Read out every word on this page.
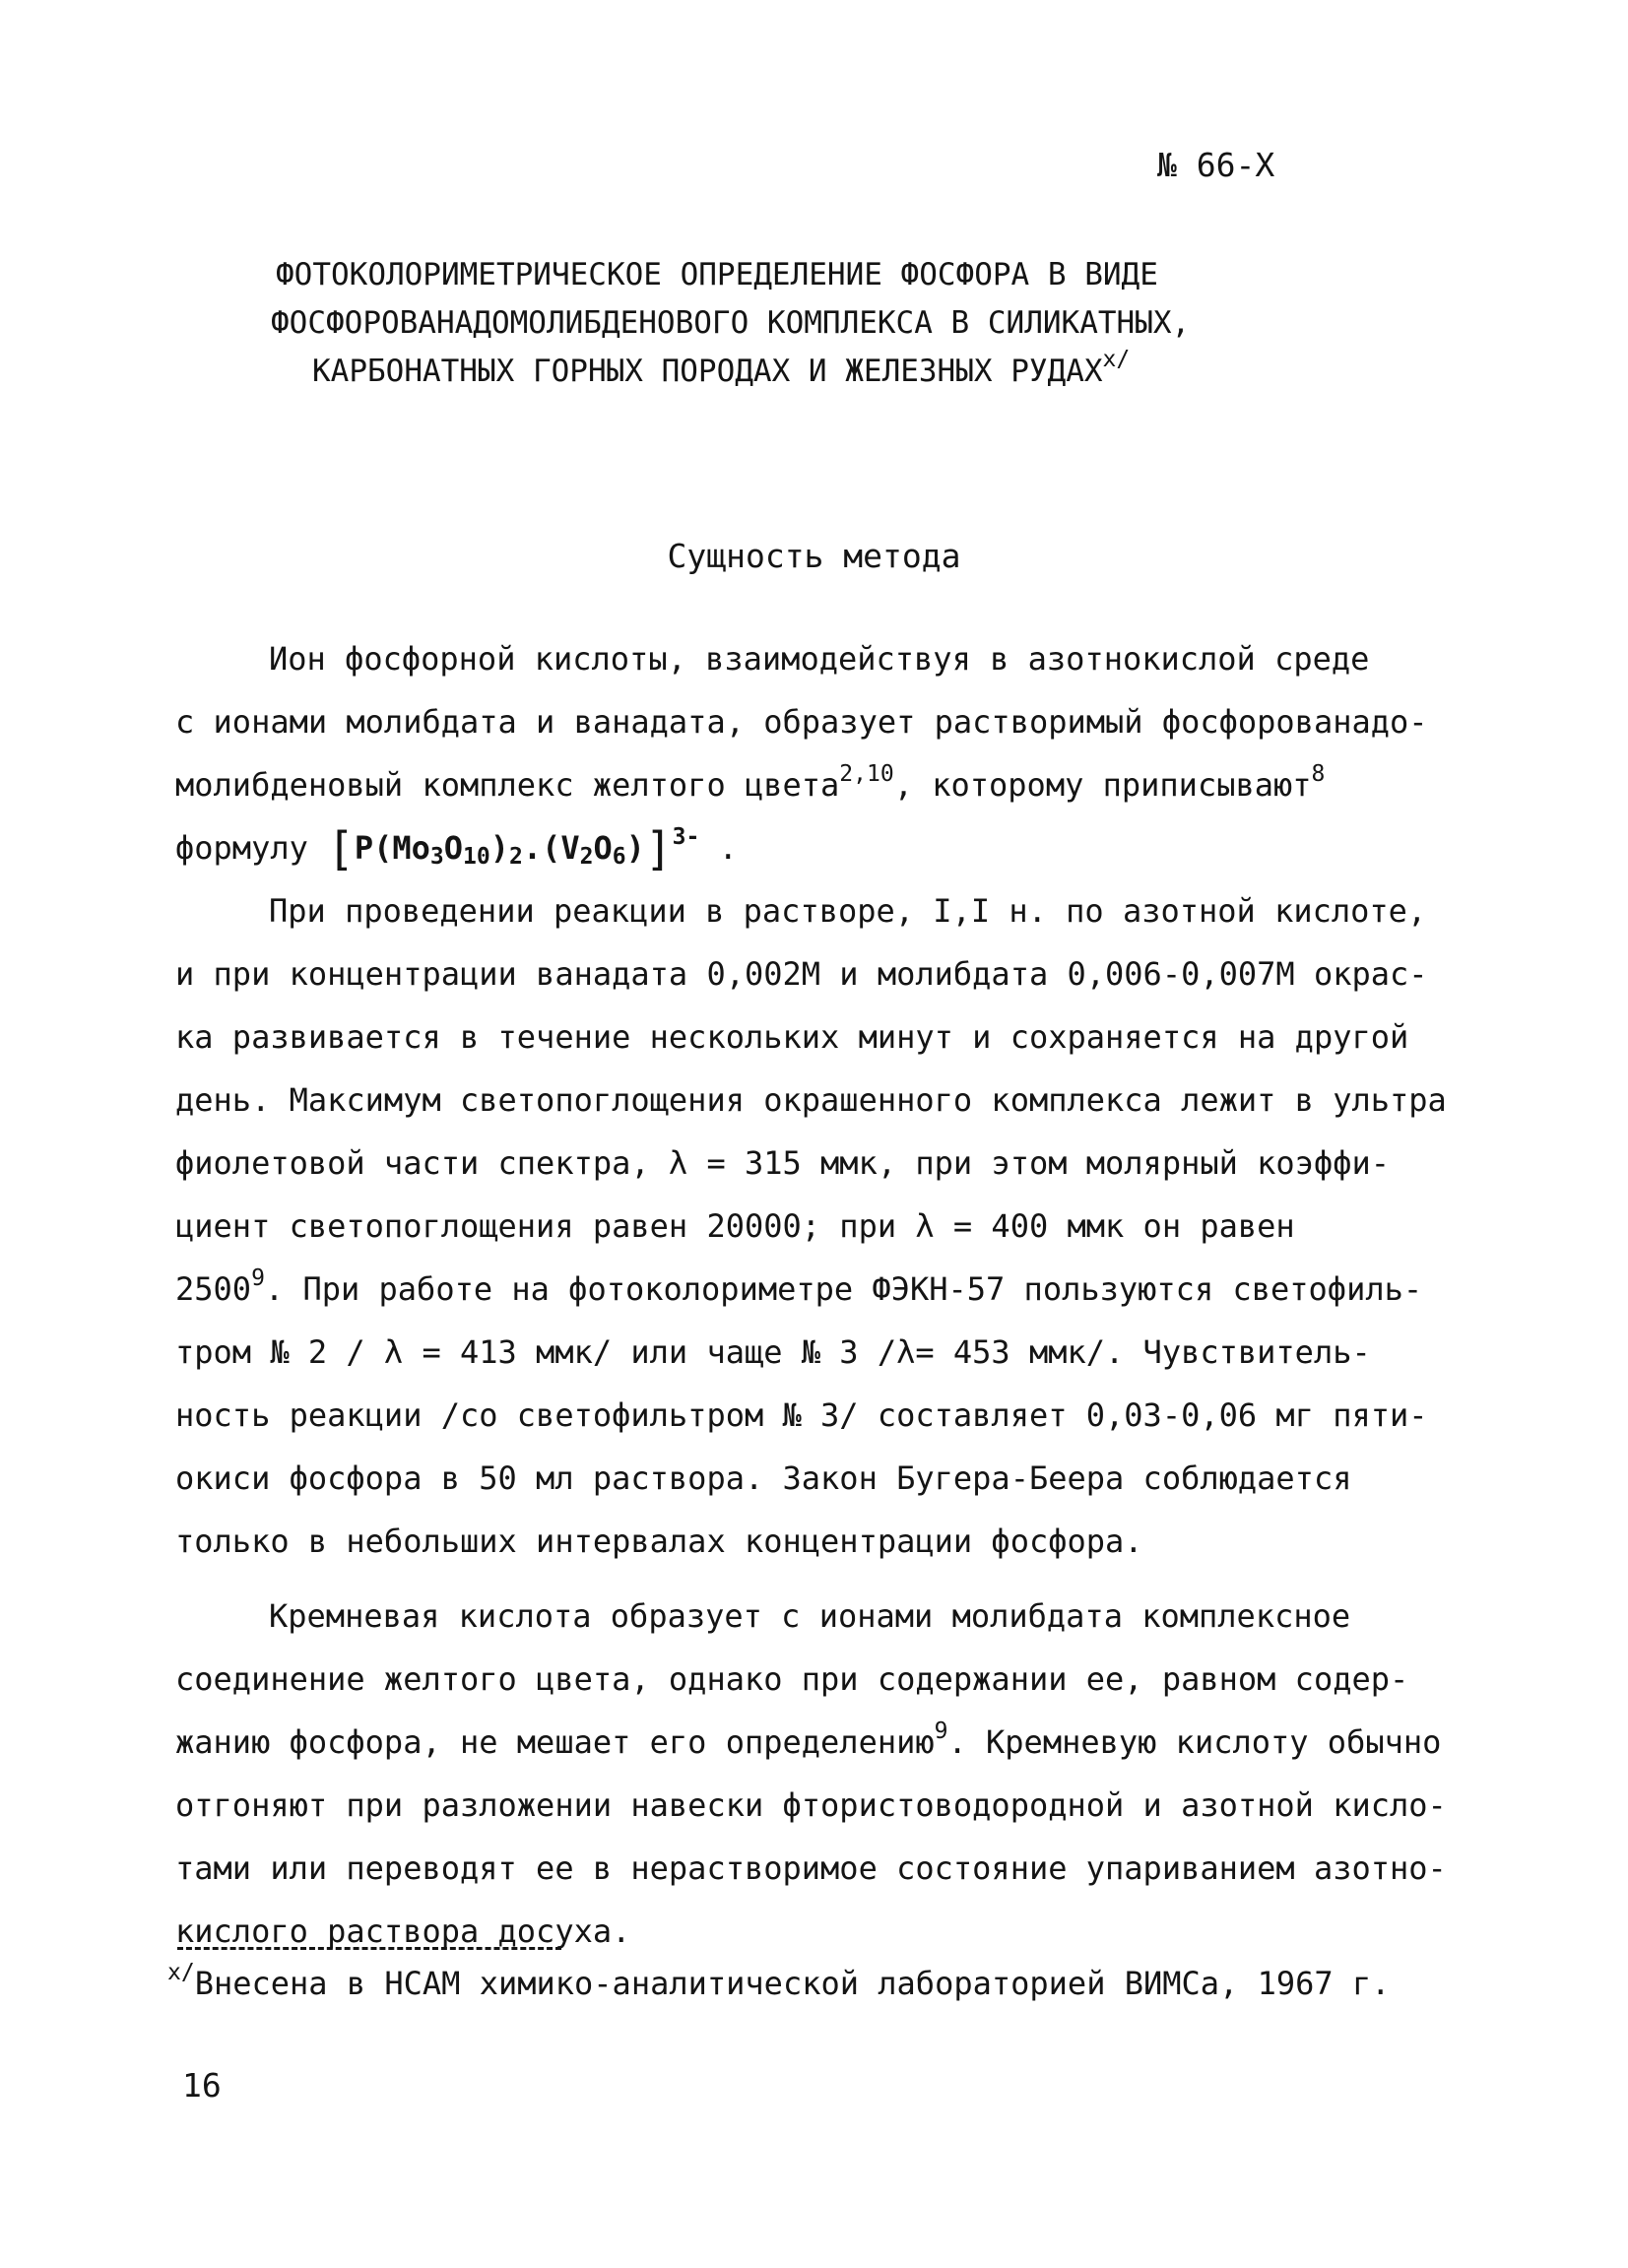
№ 66-Х
ФОТОКОЛОРИМЕТРИЧЕСКОЕ ОПРЕДЕЛЕНИЕ ФОСФОРА В ВИДЕ
ФОСФОРОВАНАДОМОЛИБДЕНОВОГО КОМПЛЕКСА В СИЛИКАТНЫХ,
КАРБОНАТНЫХ ГОРНЫХ ПОРОДАХ И ЖЕЛЕЗНЫХ $РУДАХ^{х/}$
Сущность метода
Ион фосфорной кислоты, взаимодействуя в азотнокислой среде
с ионами молибдата и ванадата, образует растворимый фосфорованадо-
молибденовый комплекс желтого цвета$^{2,10}$, которому приписывают$^8$
формулу $[P(Mo_3O_{10})_2.(V_2O_6)]^{3-}$ .
При проведении реакции в растворе, I,I н. по азотной кислоте,
и при концентрации ванадата 0,002М и молибдата 0,006-0,007М окрас-
ка развивается в течение нескольких минут и сохраняется на другой
день. Максимум светопоглощения окрашенного комплекса лежит в ультра
фиолетовой части спектра, λ = 315 ммк, при этом молярный коэффи-
циент светопоглощения равен 20000; при λ = 400 ммк он равен
2500$^9$. При работе на фотоколориметре ФЭКН-57 пользуются светофиль-
тром № 2 / λ = 413 ммк/ или чаще № 3 /λ= 453 ммк/. Чувствитель-
ность реакции /со светофильтром № 3/ составляет 0,03-0,06 мг пяти-
окиси фосфора в 50 мл раствора. Закон Бугера-Беера соблюдается
только в небольших интервалах концентрации фосфора.
Кремневая кислота образует с ионами молибдата комплексное
соединение желтого цвета, однако при содержании ее, равном содер-
жанию фосфора, не мешает его определению$^9$. Кремневую кислоту обычно
отгоняют при разложении навески фтористоводородной и азотной кисло-
тами или переводят ее в нерастворимое состояние упариванием азотно-
кислого раствора досуха.
$^{х/}$Внесена в НСАМ химико-аналитической лабораторией ВИМСа, 1967 г.
16
